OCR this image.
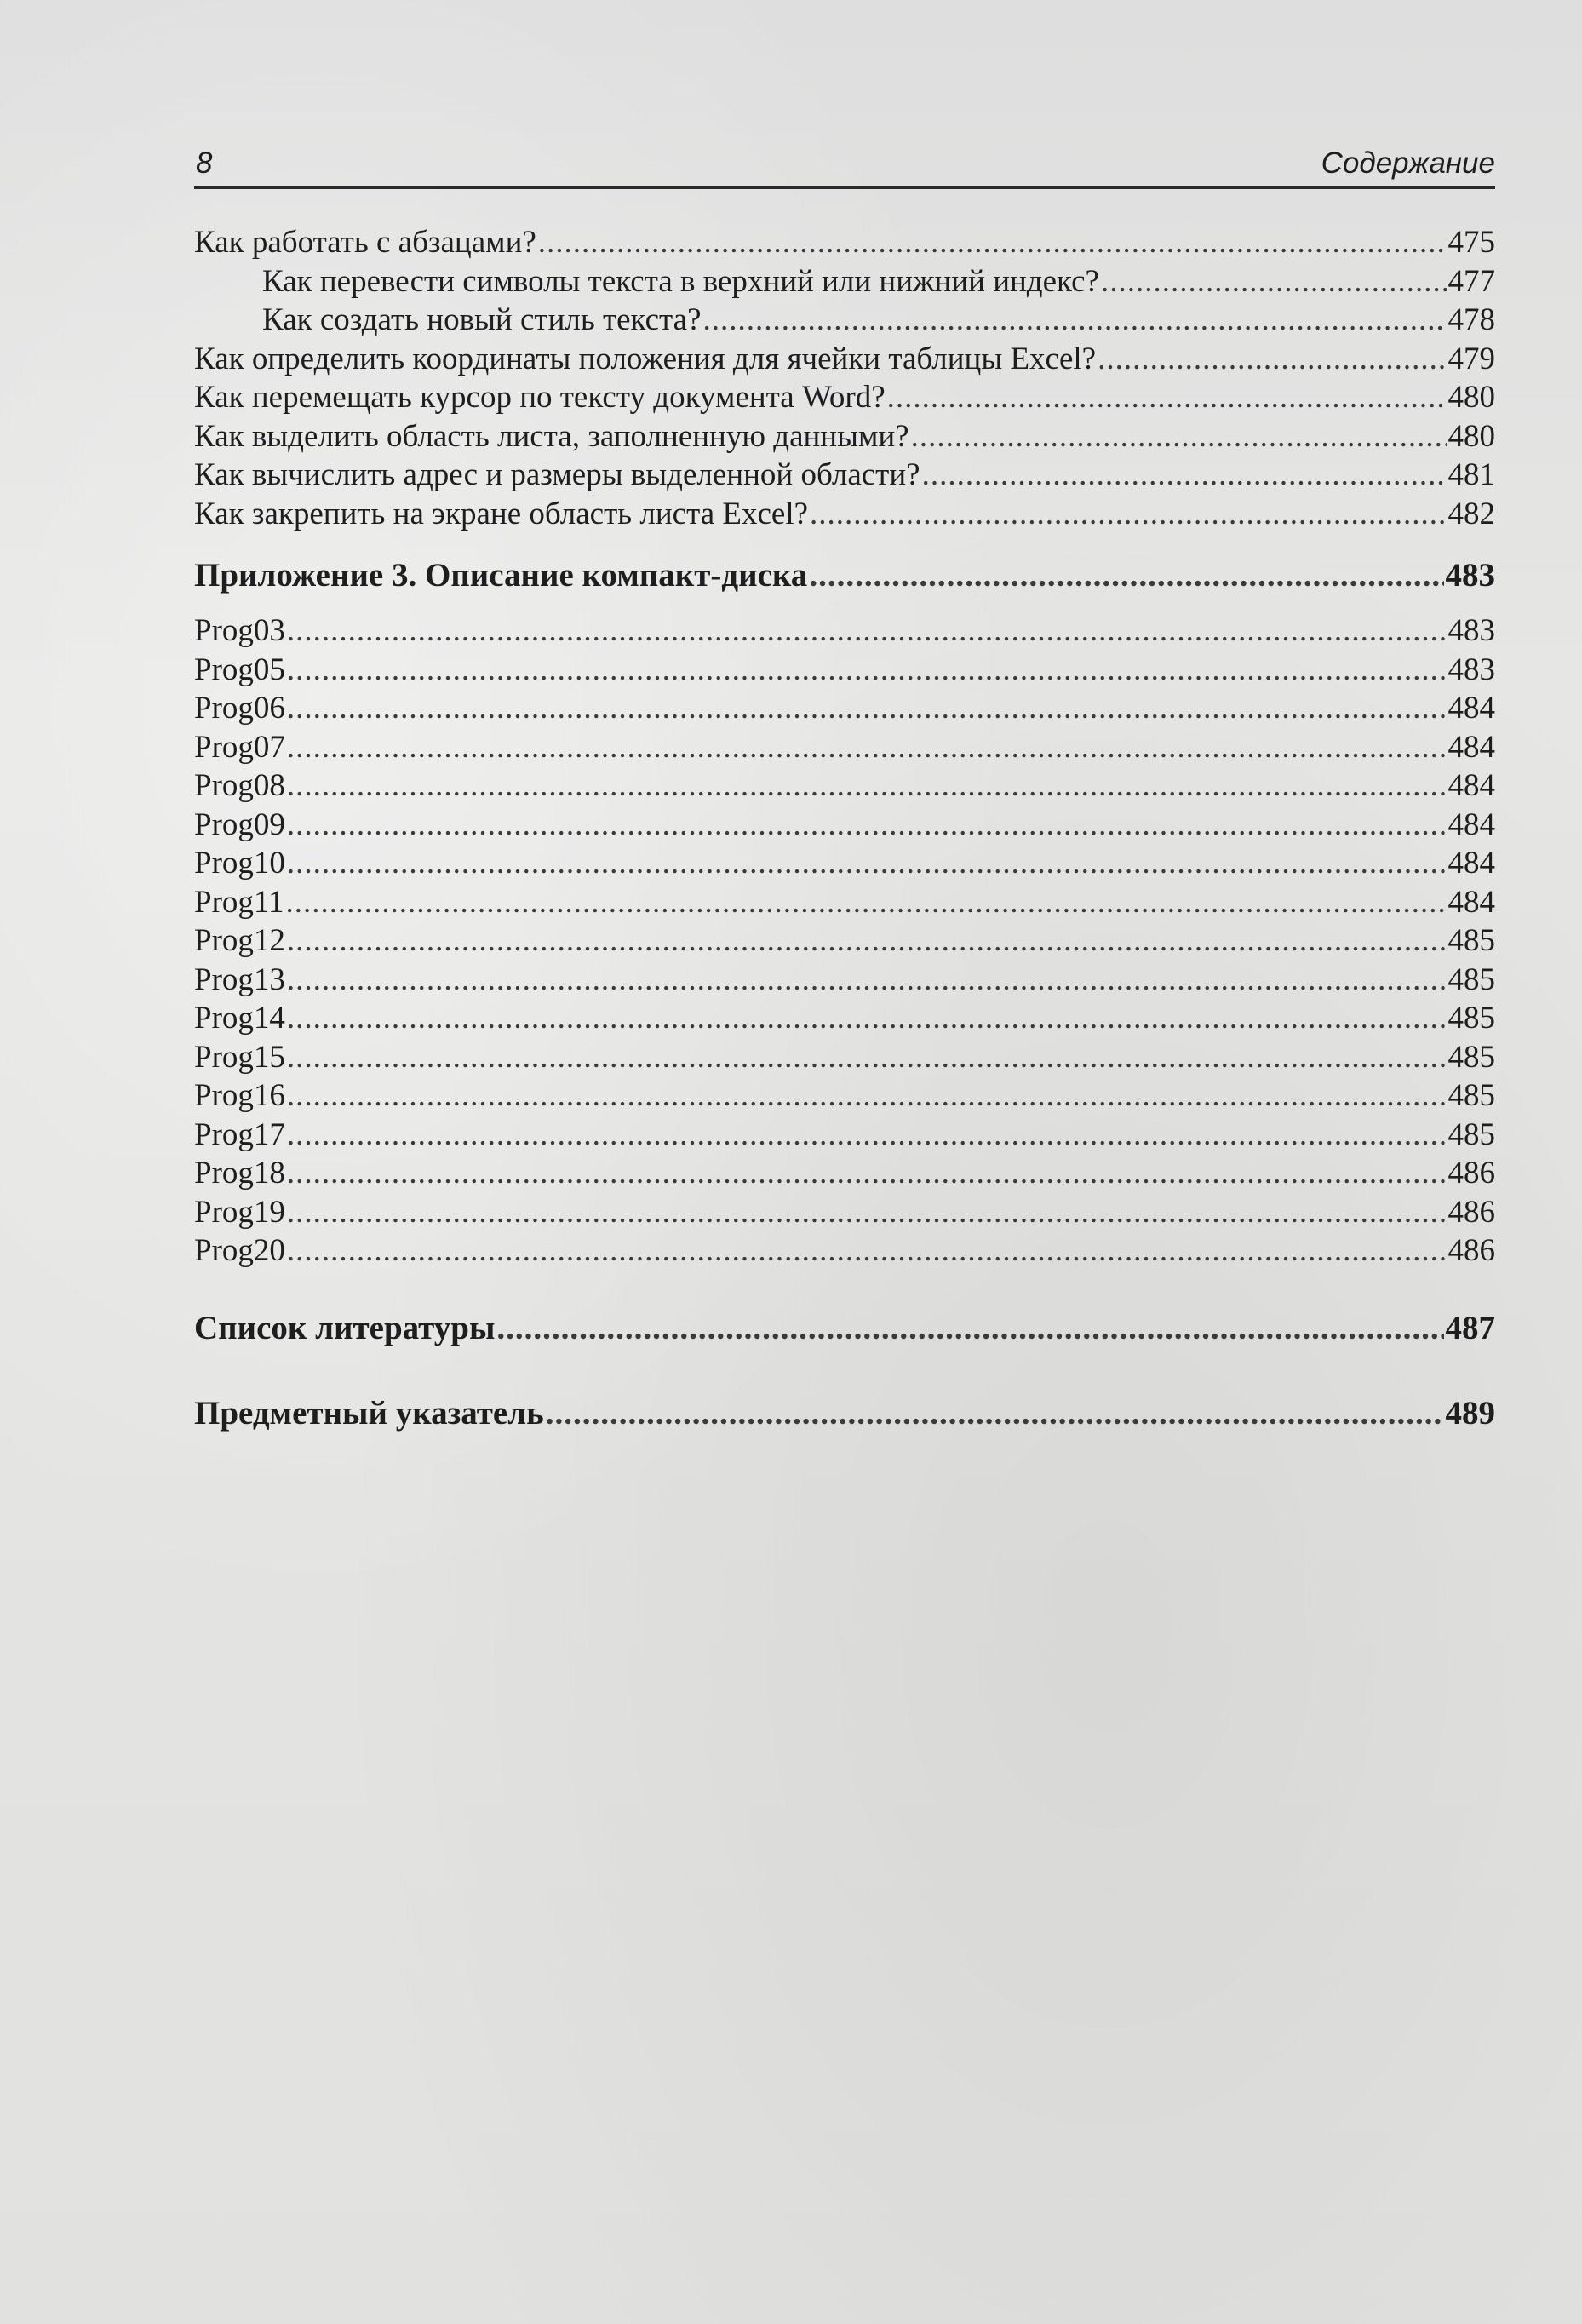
8	Содержание
Как работать с абзацами? .....	475
Как перевести символы текста в верхний или нижний индекс? .....	477
Как создать новый стиль текста? .....	478
Как определить координаты положения для ячейки таблицы Excel? .....	479
Как перемещать курсор по тексту документа Word? .....	480
Как выделить область листа, заполненную данными? .....	480
Как вычислить адрес и размеры выделенной области? .....	481
Как закрепить на экране область листа Excel? .....	482
Приложение 3. Описание компакт-диска .....	483
Prog03 .....	483
Prog05 .....	483
Prog06 .....	484
Prog07 .....	484
Prog08 .....	484
Prog09 .....	484
Prog10 .....	484
Prog11 .....	484
Prog12 .....	485
Prog13 .....	485
Prog14 .....	485
Prog15 .....	485
Prog16 .....	485
Prog17 .....	485
Prog18 .....	486
Prog19 .....	486
Prog20 .....	486
Список литературы .....	487
Предметный указатель .....	489
